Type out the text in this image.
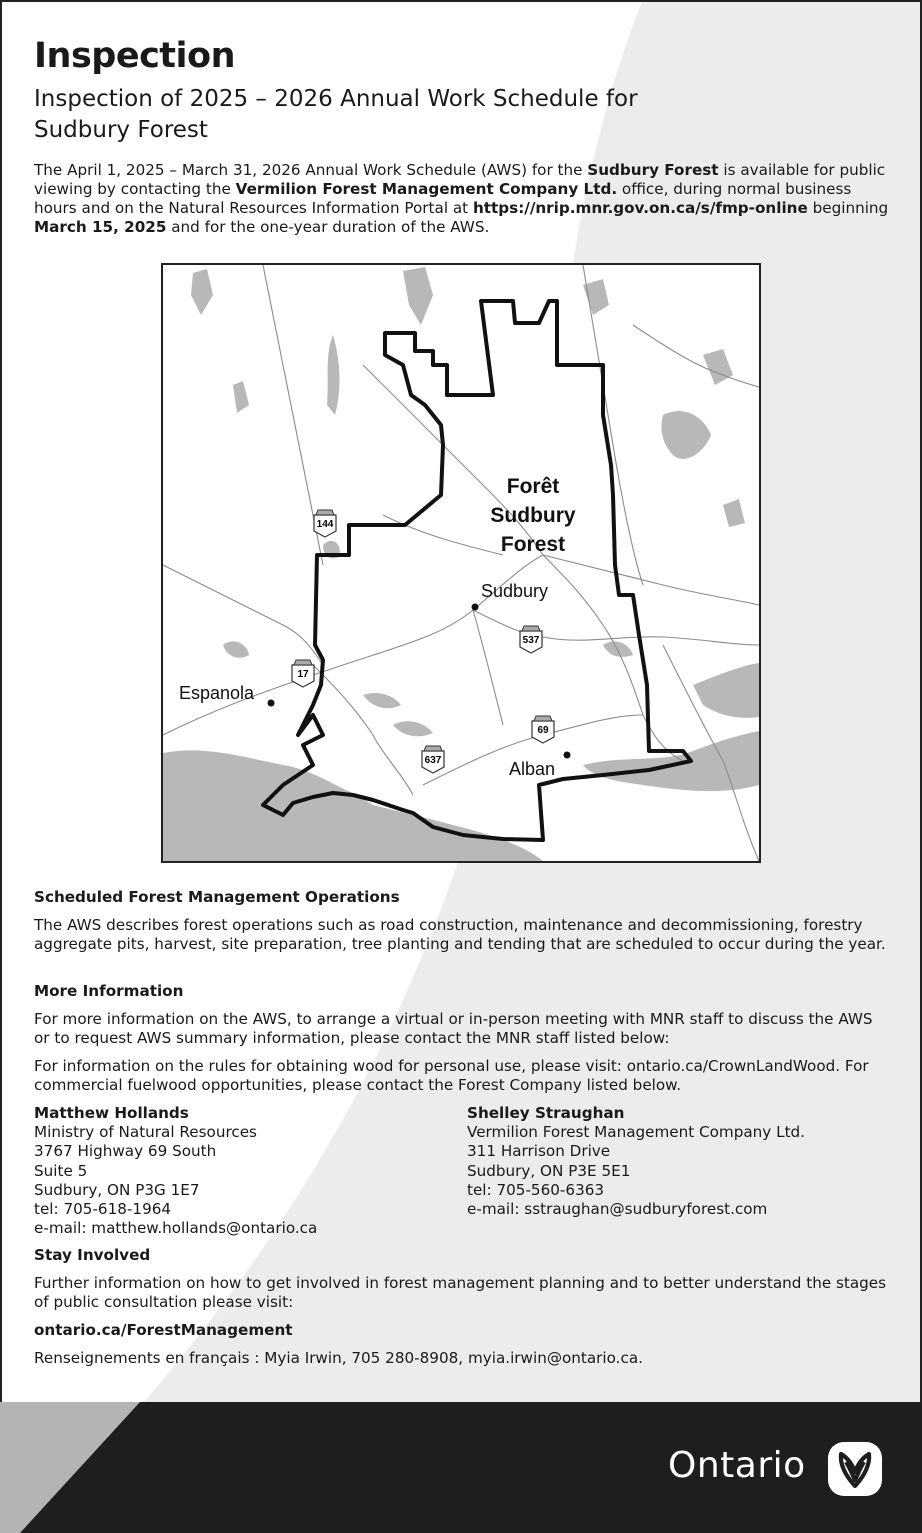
Inspection
Inspection of 2025 – 2026 Annual Work Schedule for Sudbury Forest

The April 1, 2025 – March 31, 2026 Annual Work Schedule (AWS) for the Sudbury Forest is available for public viewing by contacting the Vermilion Forest Management Company Ltd. office, during normal business hours and on the Natural Resources Information Portal at https://nrip.mnr.gov.on.ca/s/fmp-online beginning March 15, 2025 and for the one-year duration of the AWS.

Forêt
Sudbury
Forest
Sudbury
Espanola
Alban
144
17
537
69
637
Scheduled Forest Management Operations

The AWS describes forest operations such as road construction, maintenance and decommissioning, forestry aggregate pits, harvest, site preparation, tree planting and tending that are scheduled to occur during the year.

More Information

For more information on the AWS, to arrange a virtual or in-person meeting with MNR staff to discuss the AWS or to request AWS summary information, please contact the MNR staff listed below:

For information on the rules for obtaining wood for personal use, please visit: ontario.ca/CrownLandWood. For commercial fuelwood opportunities, please contact the Forest Company listed below.

Matthew Hollands

Ministry of Natural Resources

3767 Highway 69 South

Suite 5

Sudbury, ON P3G 1E7

tel: 705-618-1964

e-mail: matthew.hollands@ontario.ca

Shelley Straughan

Vermilion Forest Management Company Ltd.

311 Harrison Drive

Sudbury, ON P3E 5E1

tel: 705-560-6363

e-mail: sstraughan@sudburyforest.com

Stay Involved

Further information on how to get involved in forest management planning and to better understand the stages of public consultation please visit:

ontario.ca/ForestManagement

Renseignements en français : Myia Irwin, 705 280-8908, myia.irwin@ontario.ca.

Ontario
